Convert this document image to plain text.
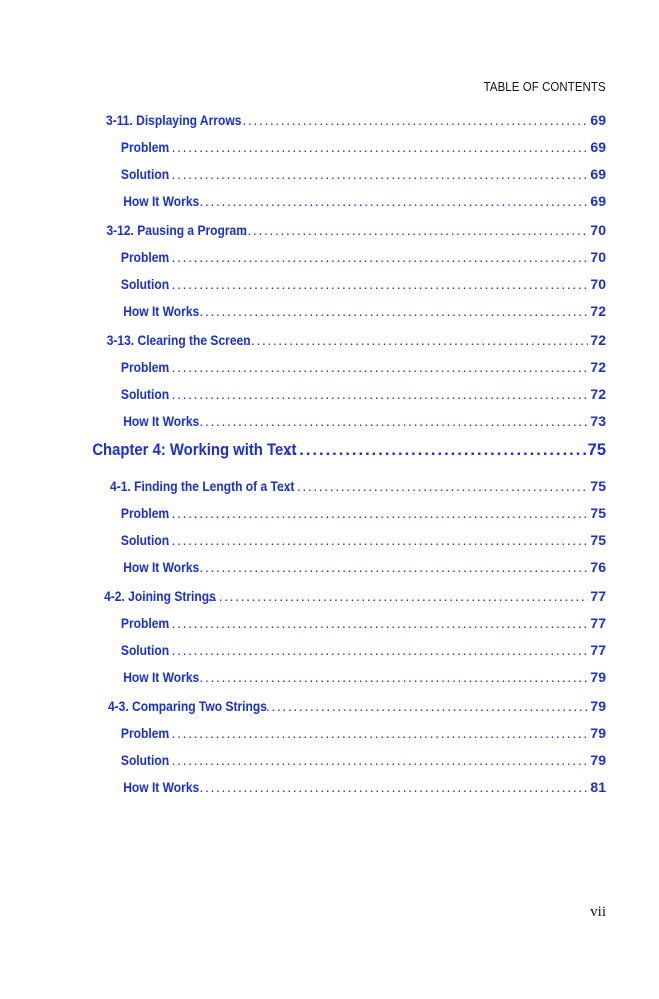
TABLE OF CONTENTS
3-11. Displaying Arrows .....	69
Problem .....	69
Solution .....	69
How It Works .....	69
3-12. Pausing a Program .....	70
Problem .....	70
Solution .....	70
How It Works .....	72
3-13. Clearing the Screen .....	72
Problem .....	72
Solution .....	72
How It Works .....	73
Chapter 4: Working with Text .....	75
4-1. Finding the Length of a Text .....	75
Problem .....	75
Solution .....	75
How It Works .....	76
4-2. Joining Strings .....	77
Problem .....	77
Solution .....	77
How It Works .....	79
4-3. Comparing Two Strings .....	79
Problem .....	79
Solution .....	79
How It Works .....	81
vii
